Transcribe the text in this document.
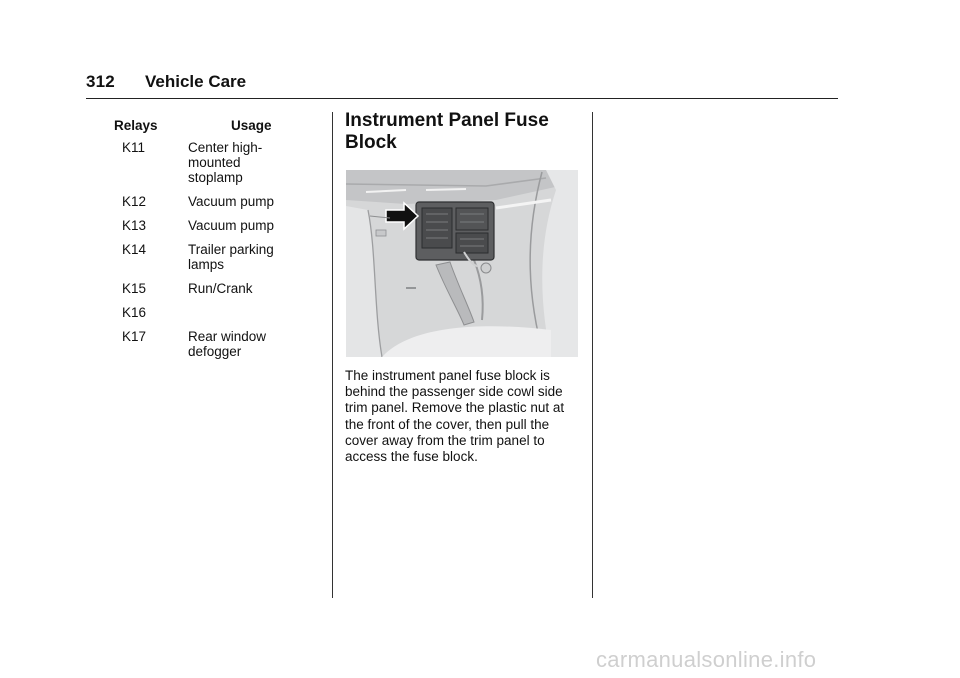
312 Vehicle Care
Relays	Usage
K11	Center high-mounted stoplamp
K12	Vacuum pump
K13	Vacuum pump
K14	Trailer parking lamps
K15	Run/Crank
K16
K17	Rear window defogger
Instrument Panel Fuse Block
The instrument panel fuse block is behind the passenger side cowl side trim panel. Remove the plastic nut at the front of the cover, then pull the cover away from the trim panel to access the fuse block.
carmanualsonline.info
